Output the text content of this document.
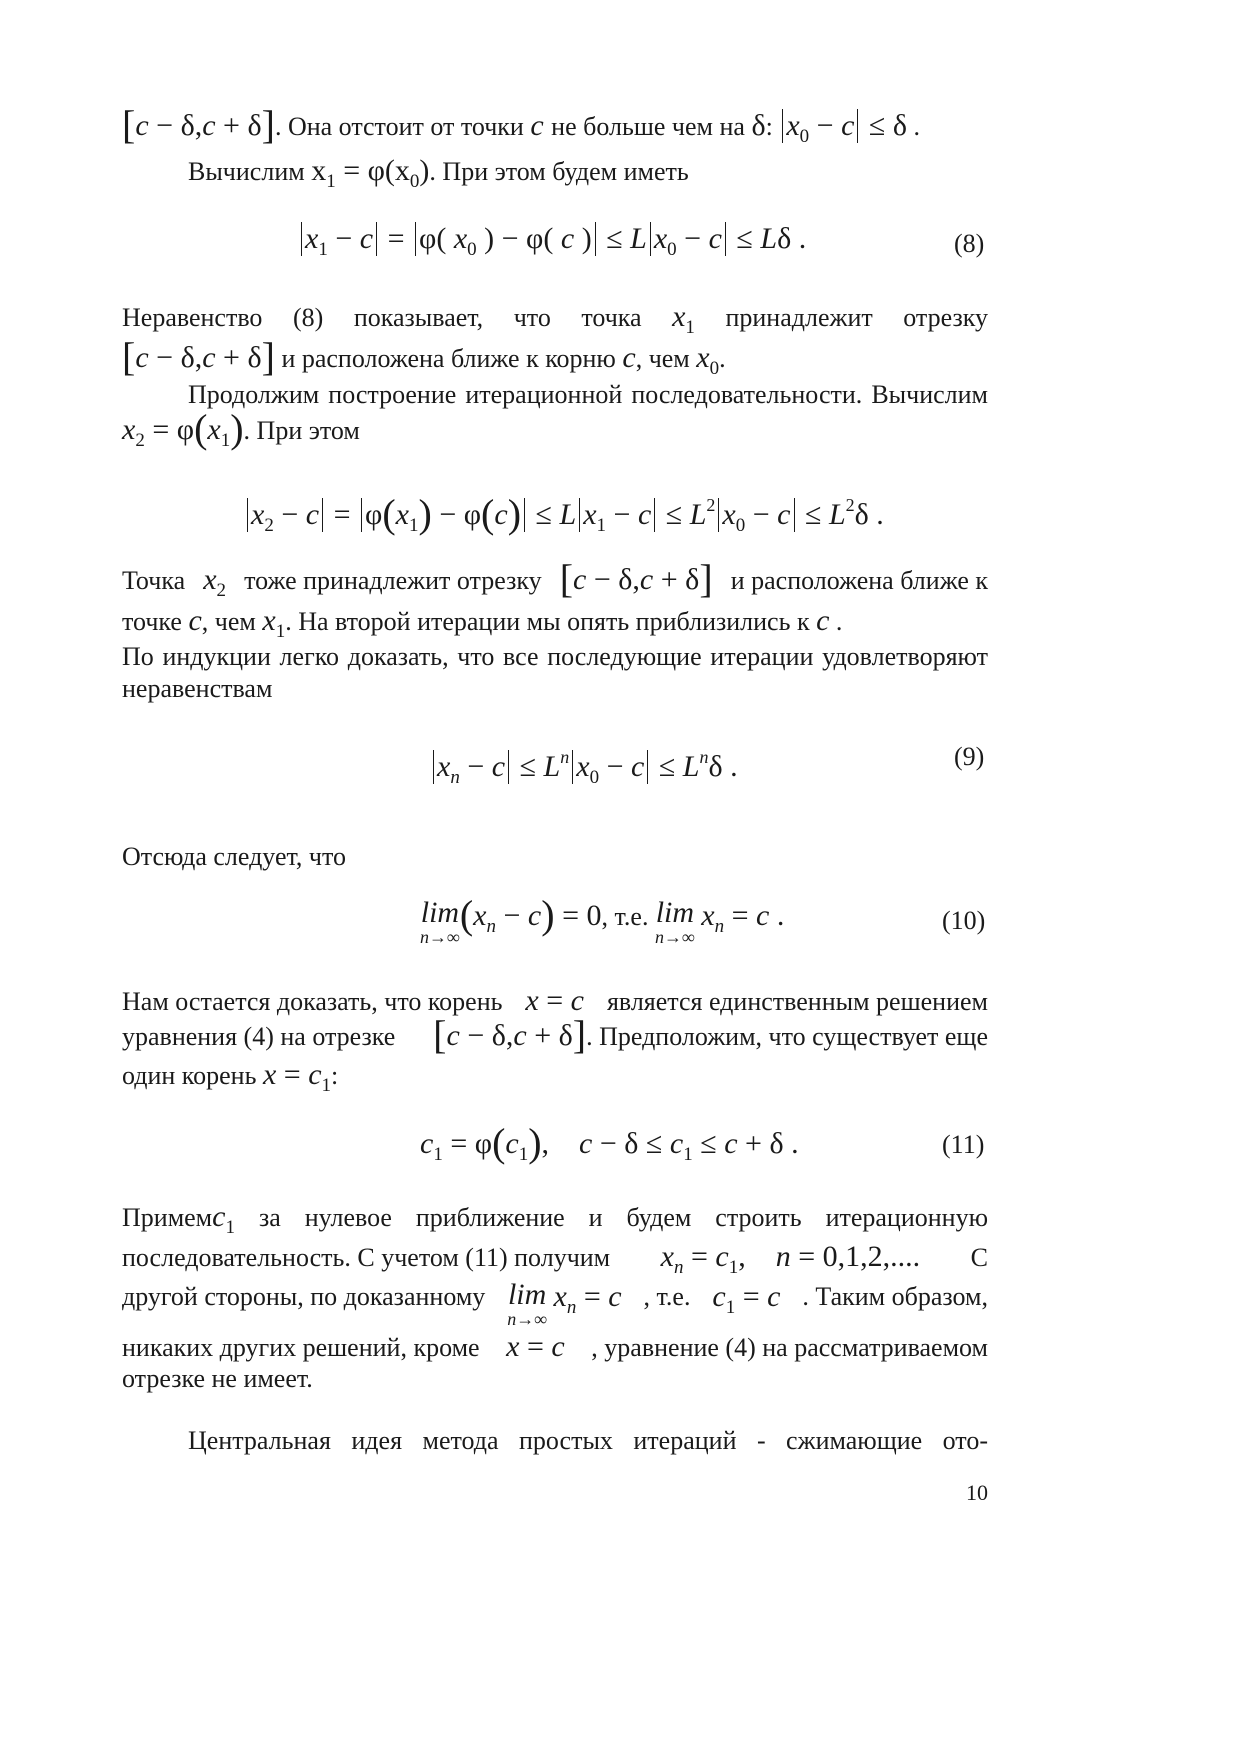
[c − δ,c + δ]. Она отстоит от точки c не больше чем на δ: $x_0 - c \le \delta$ .
Вычислим $x_1 = \varphi(x_0)$. При этом будем иметь
$x_1 - c = \varphi$( $x_0$ ) − φ( c ) ≤ L $x_0 - c \le L\delta$ .	(8)
Неравенство (8) показывает, что точка $x_1$ принадлежит отрезку
[c − δ,c + δ] и расположена ближе к корню c, чем $x_0$.
Продолжим построение итерационной последовательности. Вычислим
$x_2 = \varphi(x_1)$. При этом
$x_2 - c = \varphi(x_1) - \varphi(c) \le L$ $x_1 - c \le L^2$ $x_0 - c \le L^2\delta$ .
Точка $x_2$ тоже принадлежит отрезку [c − δ,c + δ] и расположена ближе к
точке c, чем $x_1$. На второй итерации мы опять приблизились к c .
По индукции легко доказать, что все последующие итерации удовлетворяют
неравенствам
$x_n - c \le L^n$ $x_0 - c \le L^n\delta$ .	(9)
Отсюда следует, что
lim
n→∞ $(x_n - c) = 0$, т.е. lim
n→∞
$x_n = c$ .	(10)
Нам остается доказать, что корень x = c является единственным решением
уравнения (4) на отрезке [c − δ,c + δ]. Предположим, что существует еще
один корень $x = c_1$:
$c_1 = \varphi(c_1)$,    $c - \delta \le c_1 \le c + \delta$ .	(11)
Примем $c_1$ за нулевое приближение и будем строить итерационную
последовательность. С учетом (11) получим $x_n = c_1$,    n = 0,1,2,.... С
другой стороны, по доказанному lim
n→∞
$x_n = c$ , т.е. $c_1 = c$ . Таким образом,
никаких других решений, кроме x = c , уравнение (4) на рассматриваемом
отрезке не имеет.
Центральная идея метода простых итераций - сжимающие ото-
10
